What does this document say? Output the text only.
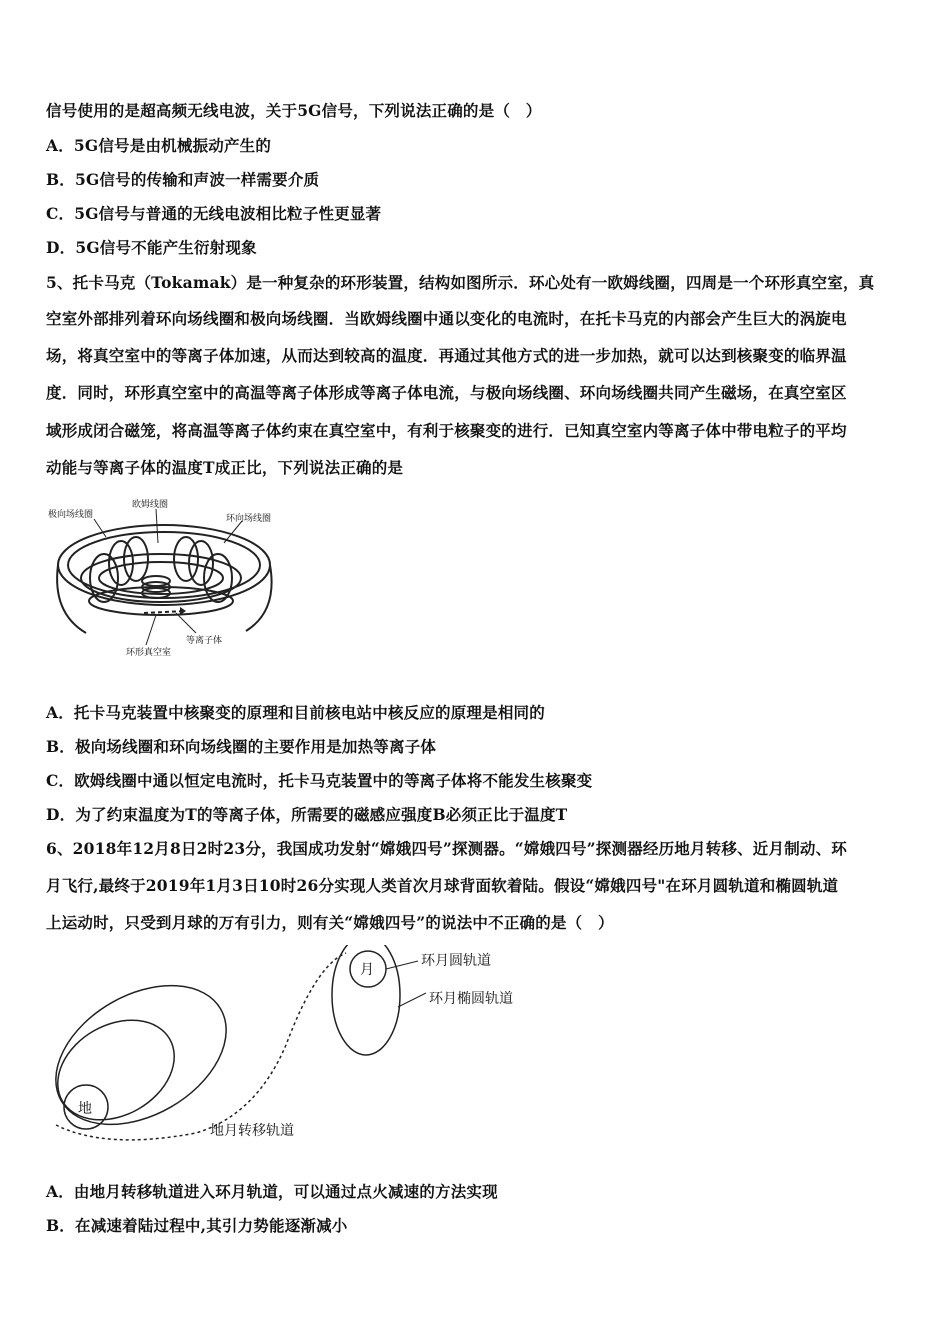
信号使用的是超高频无线电波，关于5G信号，下列说法正确的是（　）
A．5G信号是由机械振动产生的
B．5G信号的传输和声波一样需要介质
C．5G信号与普通的无线电波相比粒子性更显著
D．5G信号不能产生衍射现象
5、托卡马克（Tokamak）是一种复杂的环形装置，结构如图所示．环心处有一欧姆线圈，四周是一个环形真空室，真
空室外部排列着环向场线圈和极向场线圈．当欧姆线圈中通以变化的电流时，在托卡马克的内部会产生巨大的涡旋电
场，将真空室中的等离子体加速，从而达到较高的温度．再通过其他方式的进一步加热，就可以达到核聚变的临界温
度．同时，环形真空室中的高温等离子体形成等离子体电流，与极向场线圈、环向场线圈共同产生磁场，在真空室区
域形成闭合磁笼，将高温等离子体约束在真空室中，有利于核聚变的进行．已知真空室内等离子体中带电粒子的平均
动能与等离子体的温度T成正比，下列说法正确的是
极向场线圈
欧姆线圈
环向场线圈
等离子体
环形真空室
A．托卡马克装置中核聚变的原理和目前核电站中核反应的原理是相同的
B．极向场线圈和环向场线圈的主要作用是加热等离子体
C．欧姆线圈中通以恒定电流时，托卡马克装置中的等离子体将不能发生核聚变
D．为了约束温度为T的等离子体，所需要的磁感应强度B必须正比于温度T
6、2018年12月8日2时23分，我国成功发射“嫦娥四号”探测器。“嫦娥四号”探测器经历地月转移、近月制动、环
月飞行,最终于2019年1月3日10时26分实现人类首次月球背面软着陆。假设“嫦娥四号"在环月圆轨道和椭圆轨道
上运动时，只受到月球的万有引力，则有关“嫦娥四号”的说法中不正确的是（　）
月
地
环月圆轨道
环月椭圆轨道
地月转移轨道
A．由地月转移轨道进入环月轨道，可以通过点火减速的方法实现
B．在减速着陆过程中,其引力势能逐渐减小
